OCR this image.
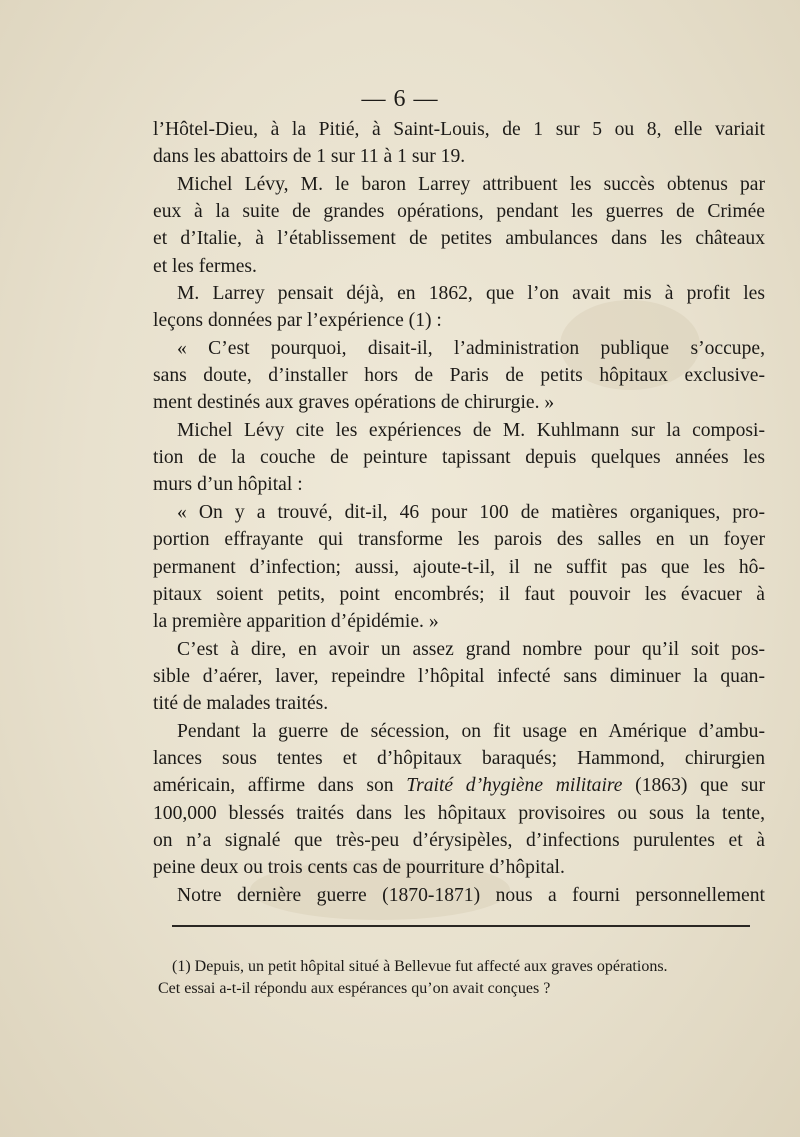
— 6 —
l’Hôtel-Dieu, à la Pitié, à Saint-Louis, de 1 sur 5 ou 8, elle variait
dans les abattoirs de 1 sur 11 à 1 sur 19.
Michel Lévy, M. le baron Larrey attribuent les succès obtenus par
eux à la suite de grandes opérations, pendant les guerres de Crimée
et d’Italie, à l’établissement de petites ambulances dans les châteaux
et les fermes.
M. Larrey pensait déjà, en 1862, que l’on avait mis à profit les
leçons données par l’expérience (1) :
« C’est pourquoi, disait-il, l’administration publique s’occupe,
sans doute, d’installer hors de Paris de petits hôpitaux exclusive-
ment destinés aux graves opérations de chirurgie. »
Michel Lévy cite les expériences de M. Kuhlmann sur la composi-
tion de la couche de peinture tapissant depuis quelques années les
murs d’un hôpital :
« On y a trouvé, dit-il, 46 pour 100 de matières organiques, pro-
portion effrayante qui transforme les parois des salles en un foyer
permanent d’infection; aussi, ajoute-t-il, il ne suffit pas que les hô-
pitaux soient petits, point encombrés; il faut pouvoir les évacuer à
la première apparition d’épidémie. »
C’est à dire, en avoir un assez grand nombre pour qu’il soit pos-
sible d’aérer, laver, repeindre l’hôpital infecté sans diminuer la quan-
tité de malades traités.
Pendant la guerre de sécession, on fit usage en Amérique d’ambu-
lances sous tentes et d’hôpitaux baraqués; Hammond, chirurgien
américain, affirme dans son Traité d’hygiène militaire (1863) que sur
100,000 blessés traités dans les hôpitaux provisoires ou sous la tente,
on n’a signalé que très-peu d’érysipèles, d’infections purulentes et à
peine deux ou trois cents cas de pourriture d’hôpital.
Notre dernière guerre (1870-1871) nous a fourni personnellement
(1) Depuis, un petit hôpital situé à Bellevue fut affecté aux graves opérations.
Cet essai a-t-il répondu aux espérances qu’on avait conçues ?
